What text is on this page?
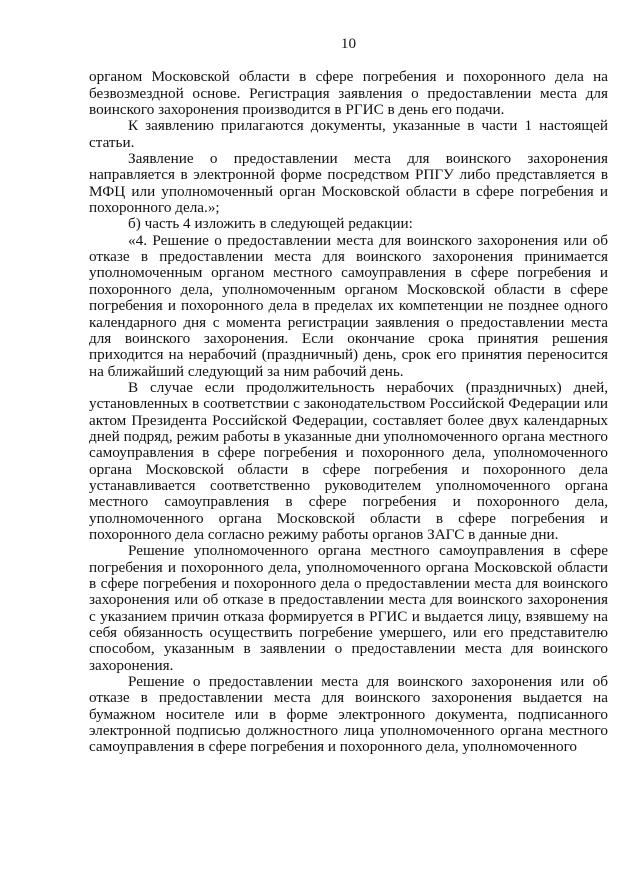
10

органом Московской области в сфере погребения и похоронного дела на безвозмездной основе. Регистрация заявления о предоставлении места для воинского захоронения производится в РГИС в день его подачи.

К заявлению прилагаются документы, указанные в части 1 настоящей статьи.

Заявление о предоставлении места для воинского захоронения направляется в электронной форме посредством РПГУ либо представляется в МФЦ или уполномоченный орган Московской области в сфере погребения и похоронного дела.»;

б) часть 4 изложить в следующей редакции:

«4. Решение о предоставлении места для воинского захоронения или об отказе в предоставлении места для воинского захоронения принимается уполномоченным органом местного самоуправления в сфере погребения и похоронного дела, уполномоченным органом Московской области в сфере погребения и похоронного дела в пределах их компетенции не позднее одного календарного дня с момента регистрации заявления о предоставлении места для воинского захоронения. Если окончание срока принятия решения приходится на нерабочий (праздничный) день, срок его принятия переносится на ближайший следующий за ним рабочий день.

В случае если продолжительность нерабочих (праздничных) дней, установленных в соответствии с законодательством Российской Федерации или актом Президента Российской Федерации, составляет более двух календарных дней подряд, режим работы в указанные дни уполномоченного органа местного самоуправления в сфере погребения и похоронного дела, уполномоченного органа Московской области в сфере погребения и похоронного дела устанавливается соответственно руководителем уполномоченного органа местного самоуправления в сфере погребения и похоронного дела, уполномоченного органа Московской области в сфере погребения и похоронного дела согласно режиму работы органов ЗАГС в данные дни.

Решение уполномоченного органа местного самоуправления в сфере погребения и похоронного дела, уполномоченного органа Московской области в сфере погребения и похоронного дела о предоставлении места для воинского захоронения или об отказе в предоставлении места для воинского захоронения с указанием причин отказа формируется в РГИС и выдается лицу, взявшему на себя обязанность осуществить погребение умершего, или его представителю способом, указанным в заявлении о предоставлении места для воинского захоронения.

Решение о предоставлении места для воинского захоронения или об отказе в предоставлении места для воинского захоронения выдается на бумажном носителе или в форме электронного документа, подписанного электронной подписью должностного лица уполномоченного органа местного самоуправления в сфере погребения и похоронного дела, уполномоченного
